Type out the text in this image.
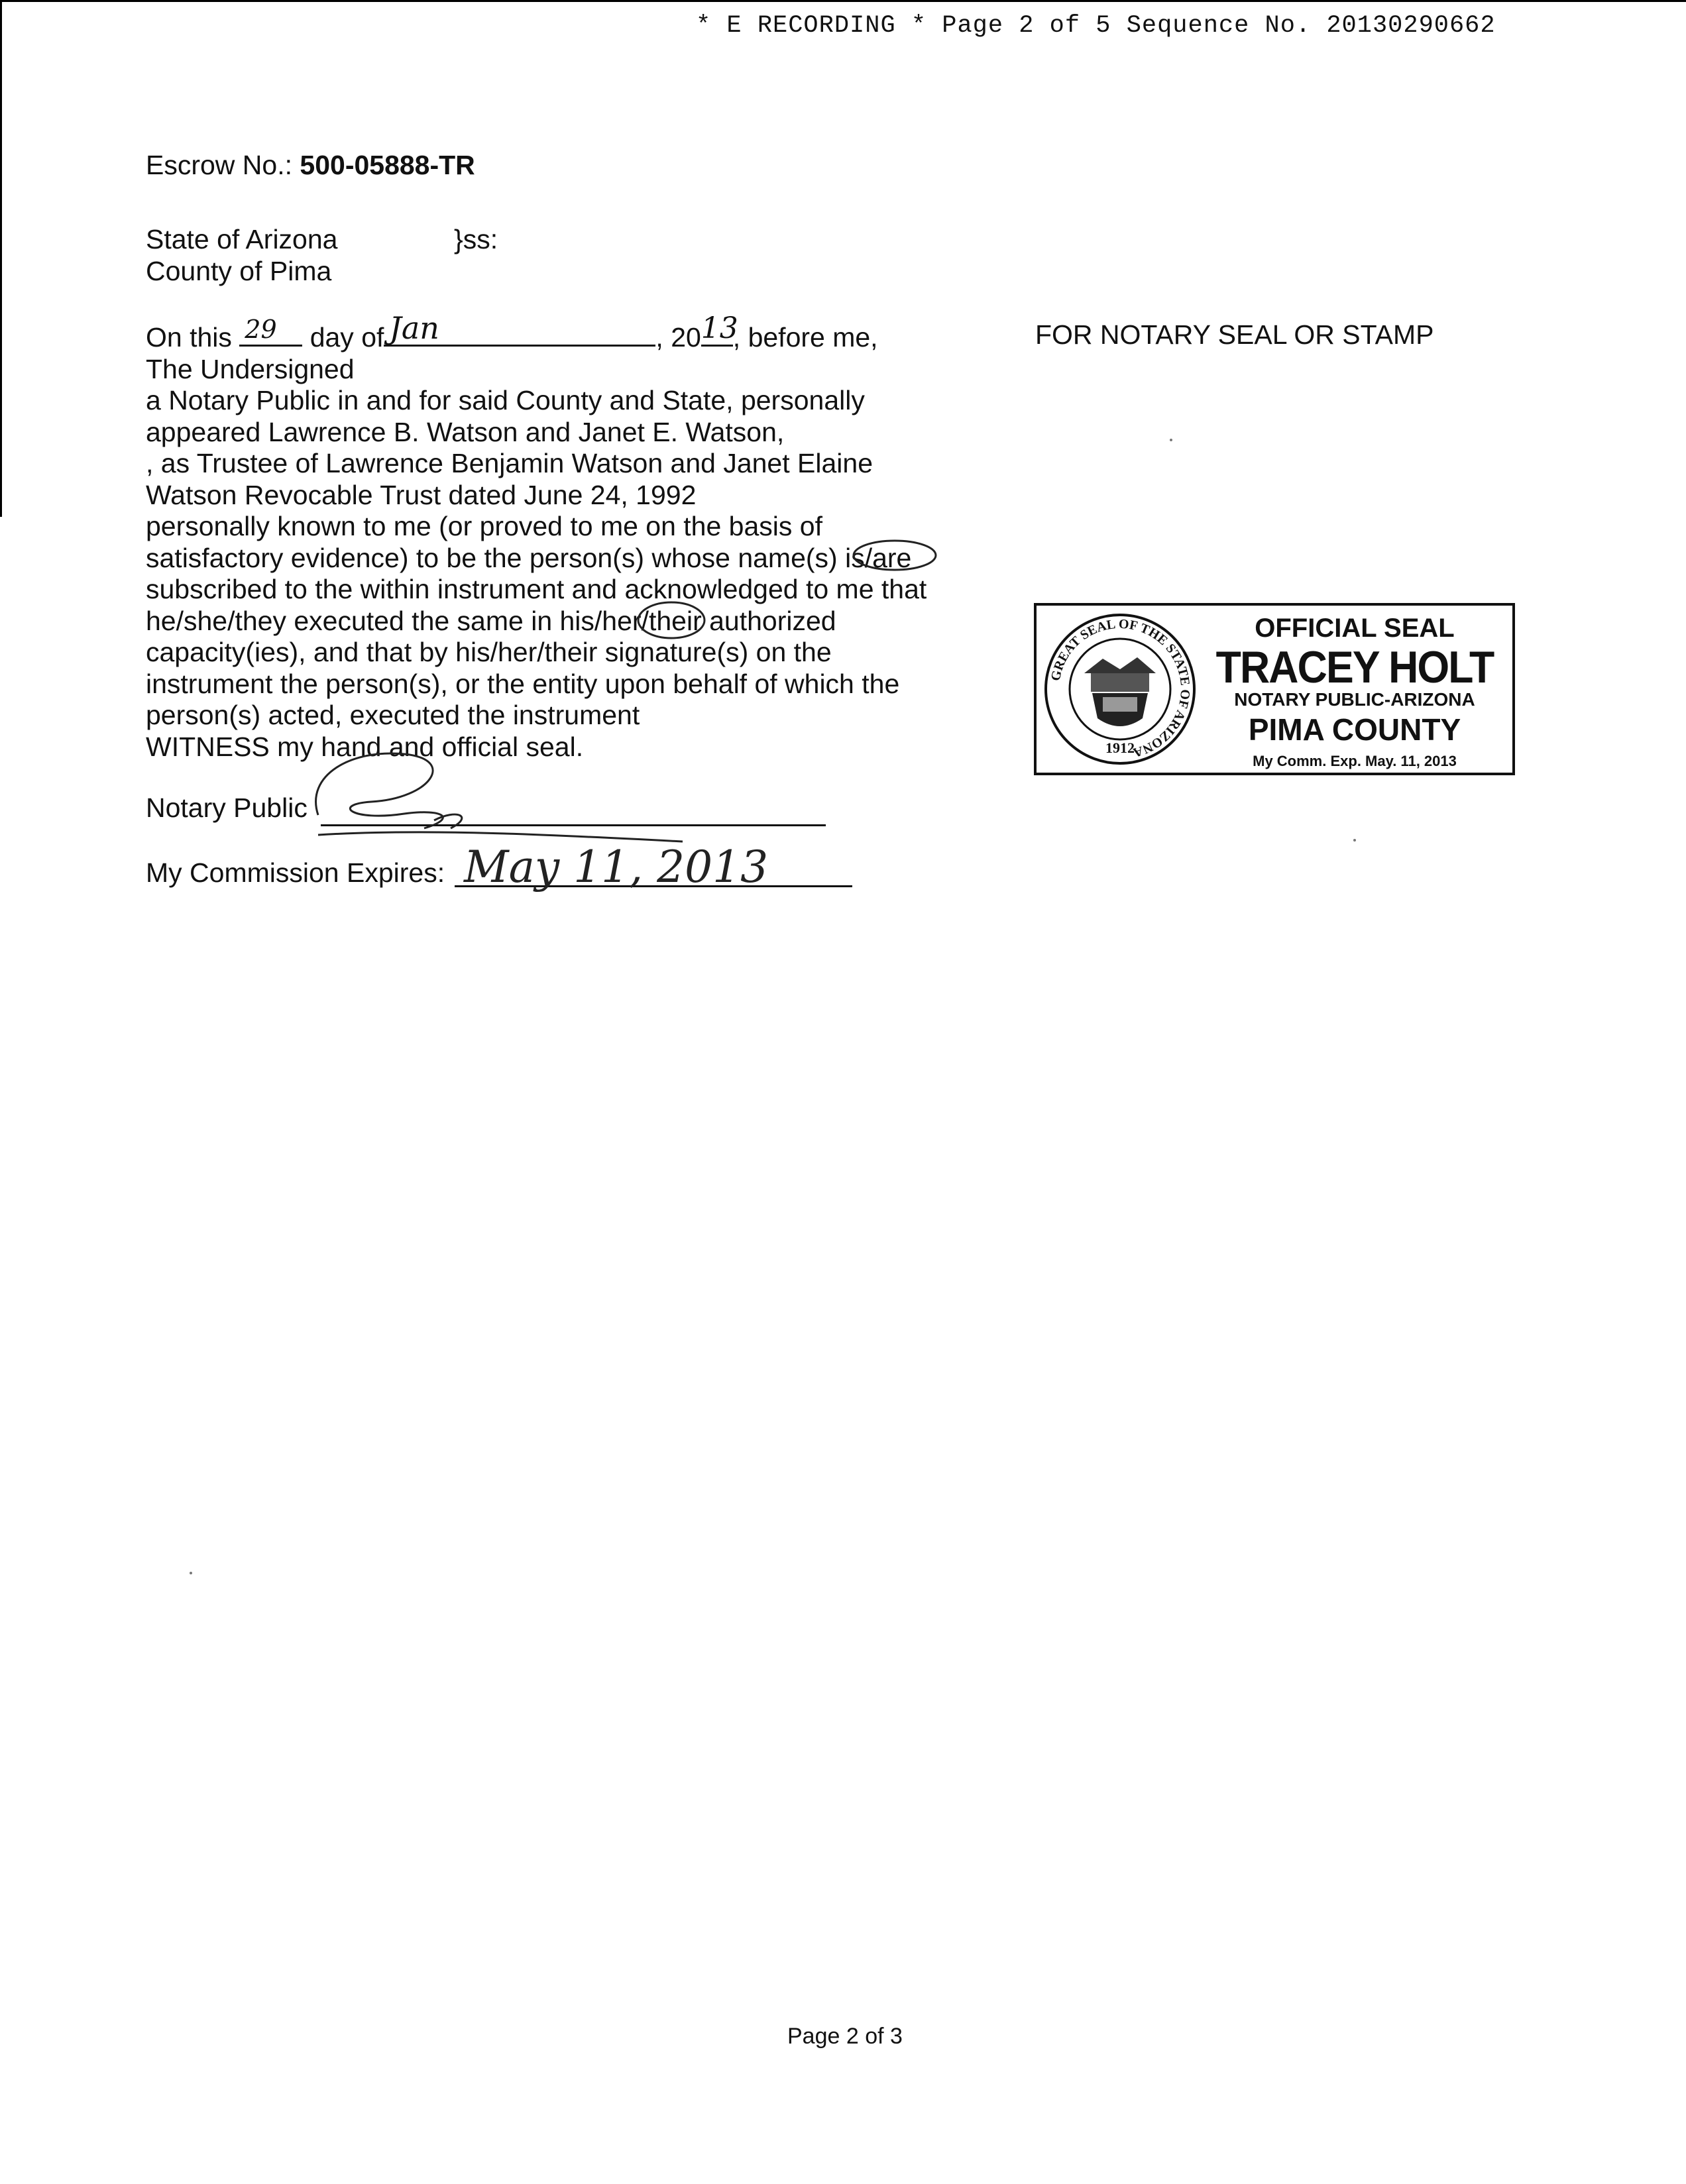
* E RECORDING * Page 2 of 5 Sequence No. 20130290662
Escrow No.: 500-05888-TR
State of Arizona
County of Pima
}ss:
FOR NOTARY SEAL OR STAMP
On this 29 day of Jan	, 20 13
, before me,
The Undersigned
a Notary Public in and for said County and State, personally
appeared Lawrence B. Watson and Janet E. Watson,
, as Trustee of Lawrence Benjamin Watson and Janet Elaine
Watson Revocable Trust dated June 24, 1992
personally known to me (or proved to me on the basis of
satisfactory evidence) to be the person(s) whose name(s) is/are
subscribed to the within instrument and acknowledged to me that
he/she/they executed the same in his/her/their authorized
capacity(ies), and that by his/her/their signature(s) on the
instrument the person(s), or the entity upon behalf of which the
person(s) acted, executed the instrument
WITNESS my hand and official seal.
Notary Public
My Commission Expires: May 11, 2013
GREAT SEAL OF THE STATE OF ARIZONA
1912
OFFICIAL SEAL
TRACEY HOLT
NOTARY PUBLIC-ARIZONA
PIMA COUNTY
My Comm. Exp. May. 11, 2013
Page 2 of 3
